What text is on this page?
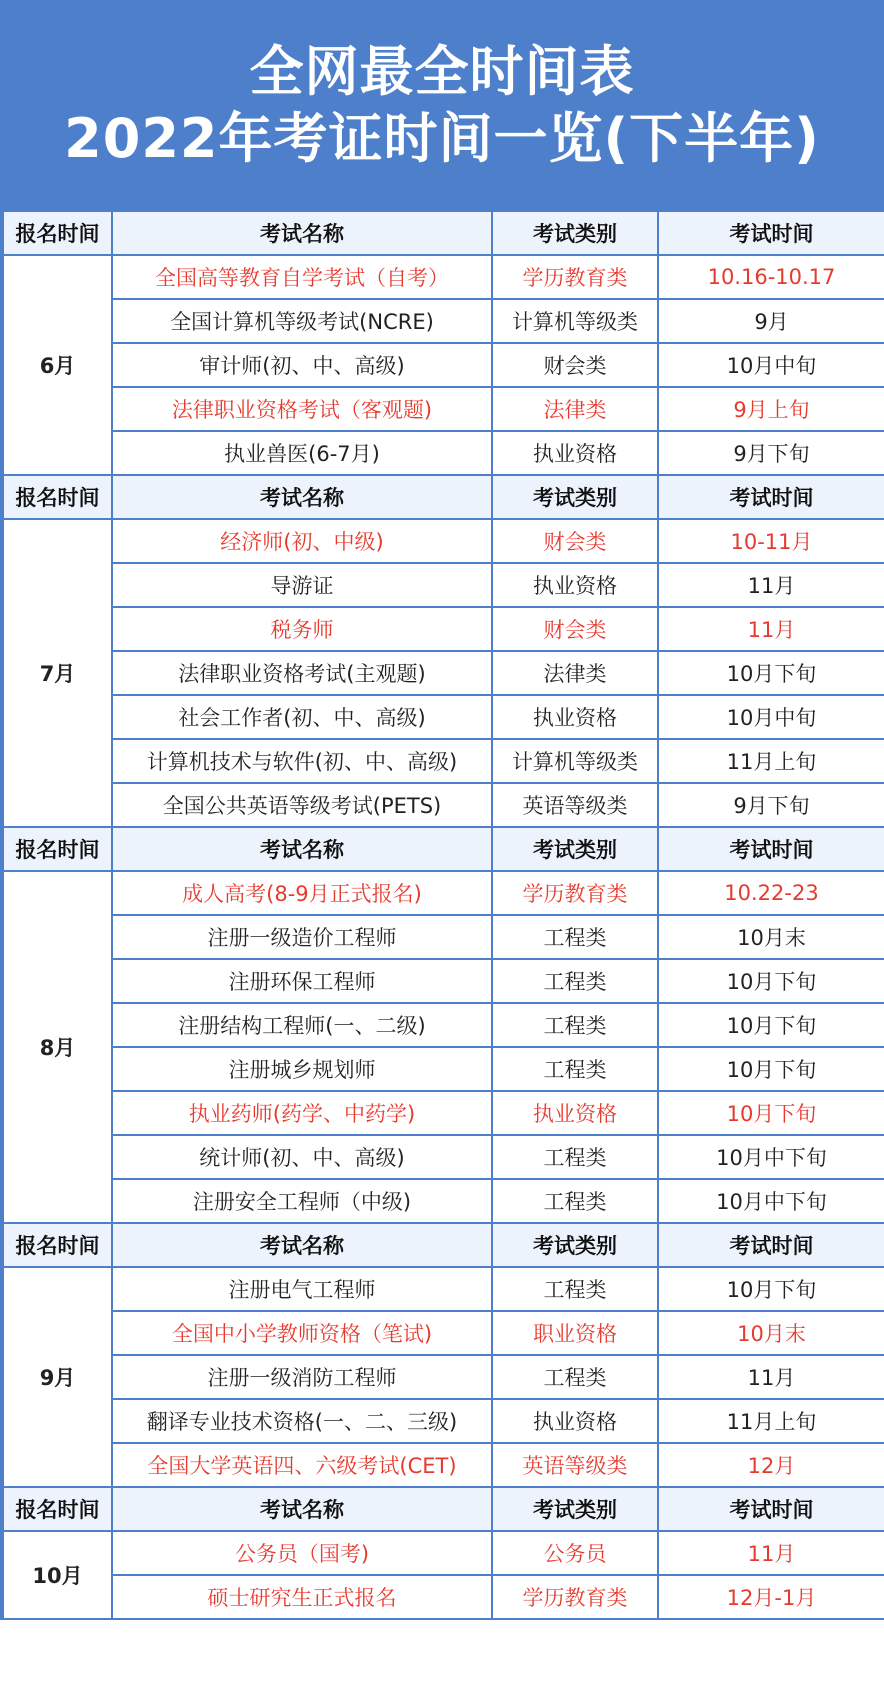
全网最全时间表
2022年考证时间一览(下半年)
报名时间	考试名称	考试类别	考试时间
6月	全国高等教育自学考试（自考）	学历教育类	10.16-10.17
	全国计算机等级考试(NCRE)	计算机等级类	9月
	审计师(初、中、高级)	财会类	10月中旬
	法律职业资格考试（客观题)	法律类	9月上旬
	执业兽医(6-7月)	执业资格	9月下旬
报名时间	考试名称	考试类别	考试时间
7月	经济师(初、中级)	财会类	10-11月
	导游证	执业资格	11月
	税务师	财会类	11月
	法律职业资格考试(主观题)	法律类	10月下旬
	社会工作者(初、中、高级)	执业资格	10月中旬
	计算机技术与软件(初、中、高级)	计算机等级类	11月上旬
	全国公共英语等级考试(PETS)	英语等级类	9月下旬
报名时间	考试名称	考试类别	考试时间
8月	成人高考(8-9月正式报名)	学历教育类	10.22-23
	注册一级造价工程师	工程类	10月末
	注册环保工程师	工程类	10月下旬
	注册结构工程师(一、二级)	工程类	10月下旬
	注册城乡规划师	工程类	10月下旬
	执业药师(药学、中药学)	执业资格	10月下旬
	统计师(初、中、高级)	工程类	10月中下旬
	注册安全工程师（中级)	工程类	10月中下旬
报名时间	考试名称	考试类别	考试时间
9月	注册电气工程师	工程类	10月下旬
	全国中小学教师资格（笔试)	职业资格	10月末
	注册一级消防工程师	工程类	11月
	翻译专业技术资格(一、二、三级)	执业资格	11月上旬
	全国大学英语四、六级考试(CET)	英语等级类	12月
报名时间	考试名称	考试类别	考试时间
10月	公务员（国考)	公务员	11月
	硕士研究生正式报名	学历教育类	12月-1月
